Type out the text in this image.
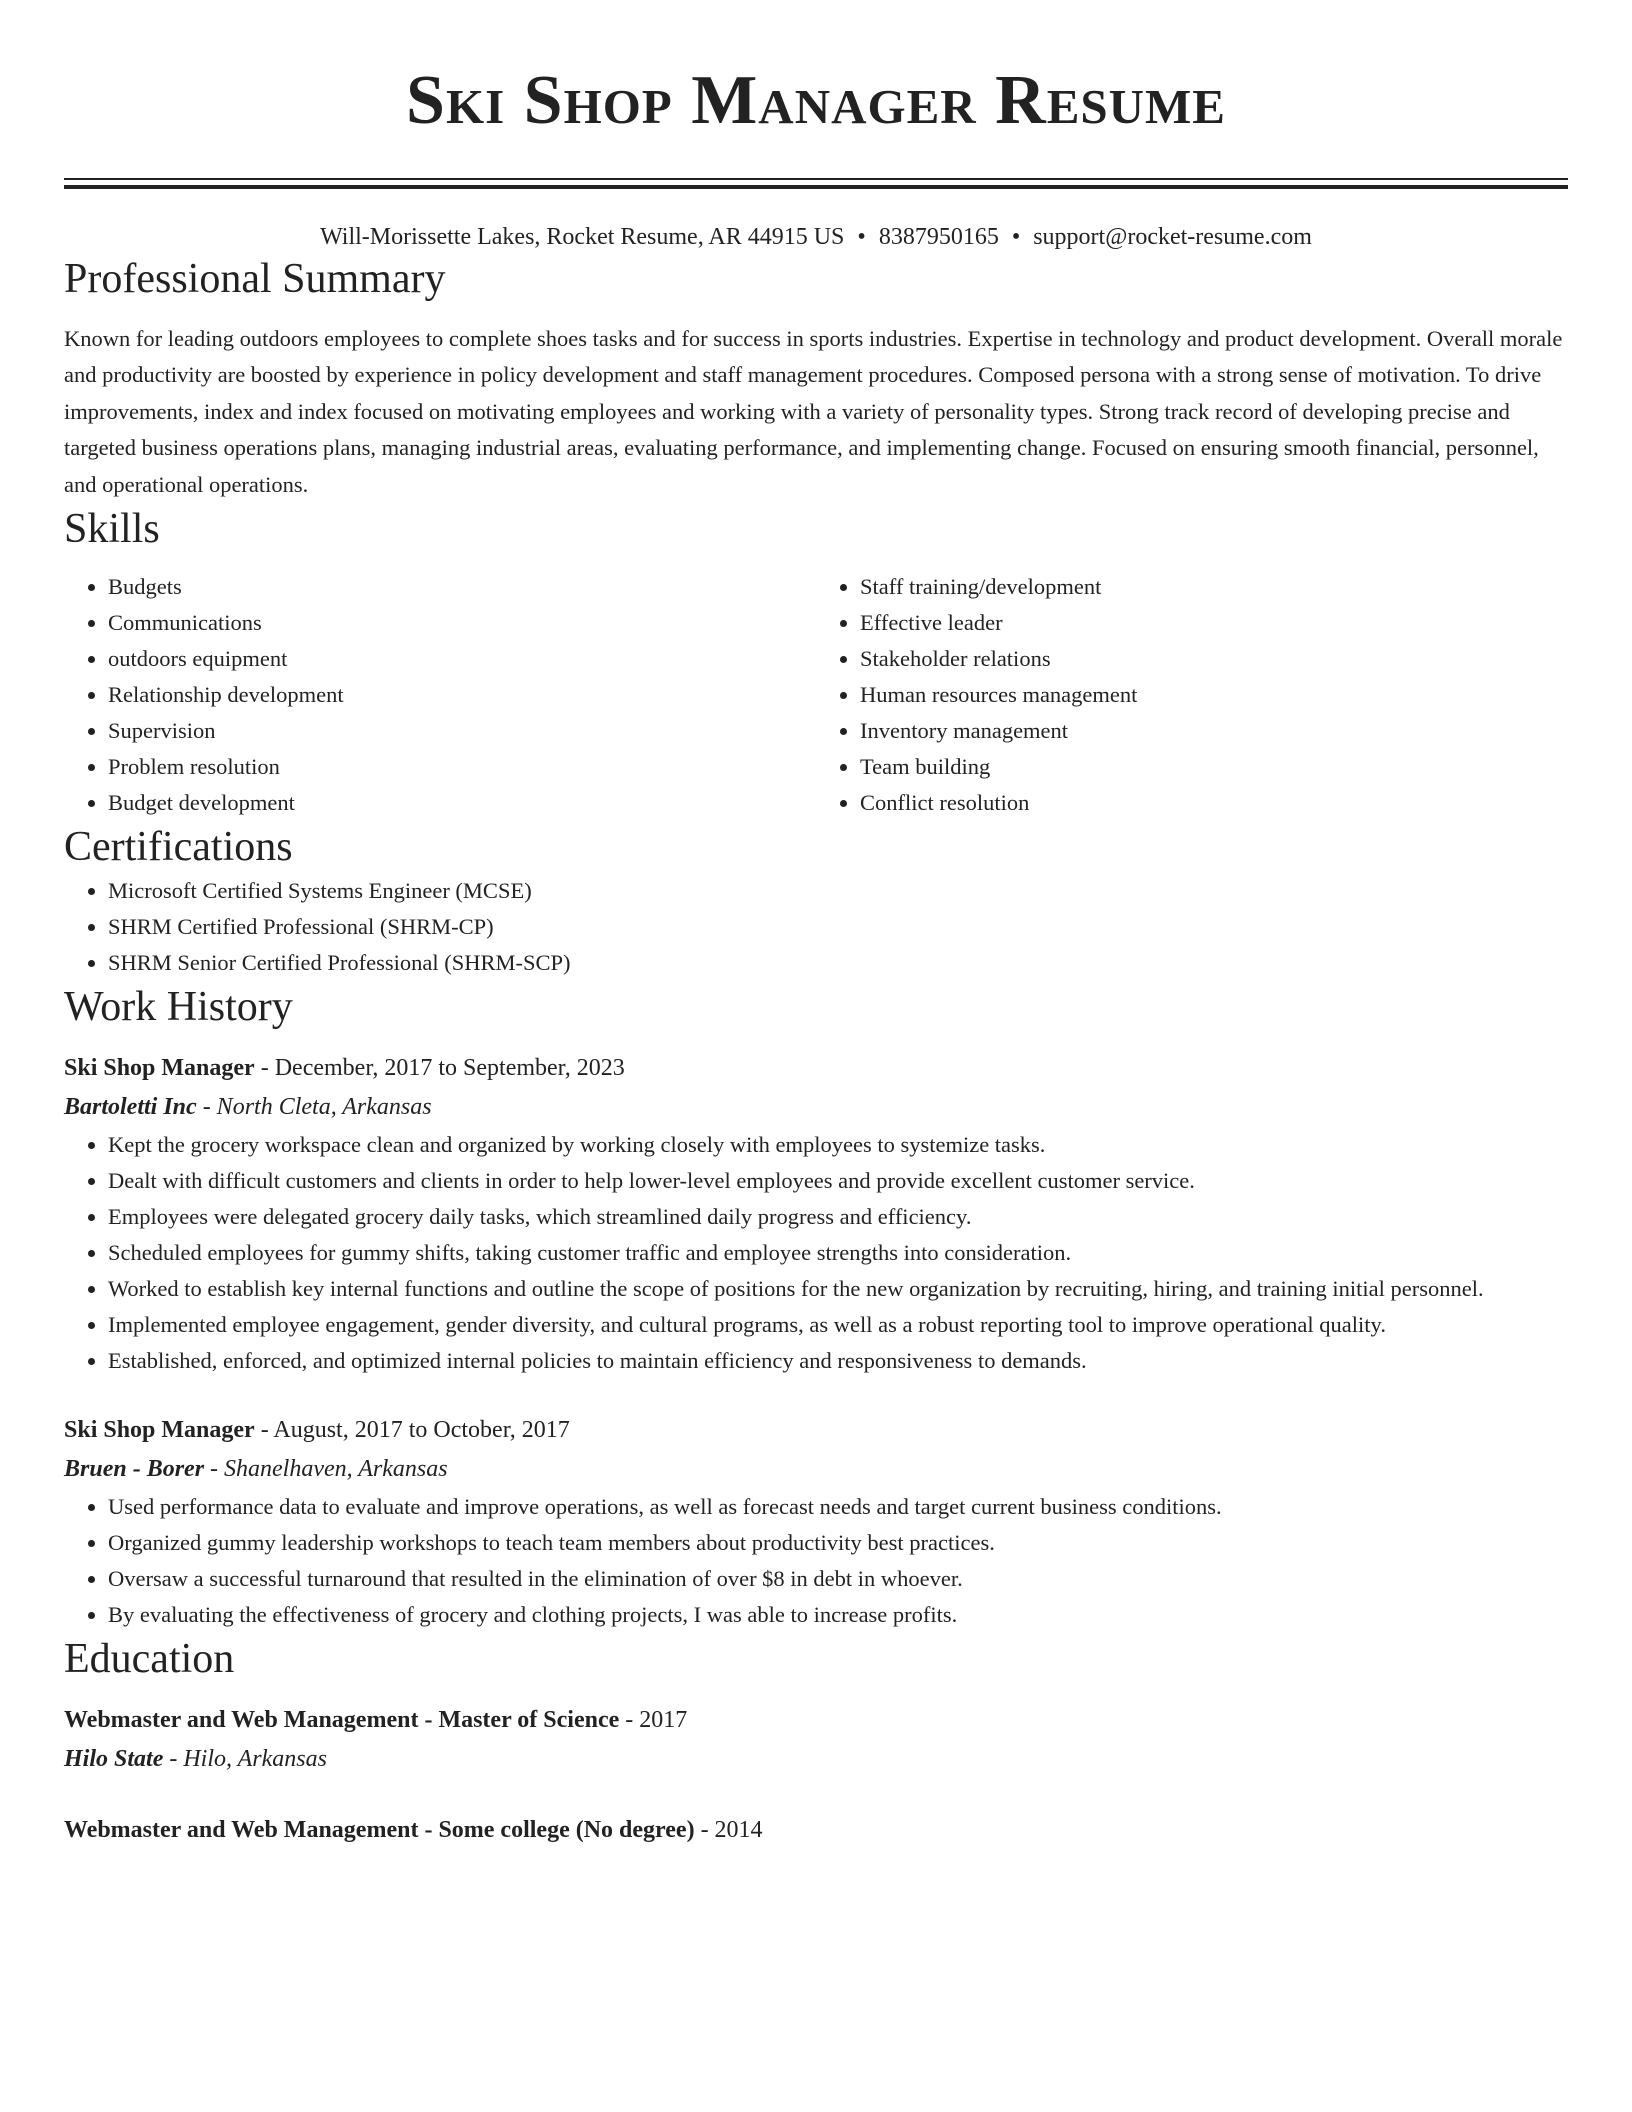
Ski Shop Manager Resume
Will-Morissette Lakes, Rocket Resume, AR 44915 US • 8387950165 • support@rocket-resume.com
Professional Summary

Known for leading outdoors employees to complete shoes tasks and for success in sports industries. Expertise in technology and product development. Overall morale and productivity are boosted by experience in policy development and staff management procedures. Composed persona with a strong sense of motivation. To drive improvements, index and index focused on motivating employees and working with a variety of personality types. Strong track record of developing precise and targeted business operations plans, managing industrial areas, evaluating performance, and implementing change. Focused on ensuring smooth financial, personnel, and operational operations.

Skills
• Budgets
• Communications
• outdoors equipment
• Relationship development
• Supervision
• Problem resolution
• Budget development
• Staff training/development
• Effective leader
• Stakeholder relations
• Human resources management
• Inventory management
• Team building
• Conflict resolution
Certifications
• Microsoft Certified Systems Engineer (MCSE)
• SHRM Certified Professional (SHRM-CP)
• SHRM Senior Certified Professional (SHRM-SCP)
Work History
Ski Shop Manager - December, 2017 to September, 2023
Bartoletti Inc - North Cleta, Arkansas
• Kept the grocery workspace clean and organized by working closely with employees to systemize tasks.
• Dealt with difficult customers and clients in order to help lower-level employees and provide excellent customer service.
• Employees were delegated grocery daily tasks, which streamlined daily progress and efficiency.
• Scheduled employees for gummy shifts, taking customer traffic and employee strengths into consideration.
• Worked to establish key internal functions and outline the scope of positions for the new organization by recruiting, hiring, and training initial personnel.
• Implemented employee engagement, gender diversity, and cultural programs, as well as a robust reporting tool to improve operational quality.
• Established, enforced, and optimized internal policies to maintain efficiency and responsiveness to demands.
Ski Shop Manager - August, 2017 to October, 2017
Bruen - Borer - Shanelhaven, Arkansas
• Used performance data to evaluate and improve operations, as well as forecast needs and target current business conditions.
• Organized gummy leadership workshops to teach team members about productivity best practices.
• Oversaw a successful turnaround that resulted in the elimination of over $8 in debt in whoever.
• By evaluating the effectiveness of grocery and clothing projects, I was able to increase profits.
Education
Webmaster and Web Management - Master of Science - 2017
Hilo State - Hilo, Arkansas
Webmaster and Web Management - Some college (No degree) - 2014
